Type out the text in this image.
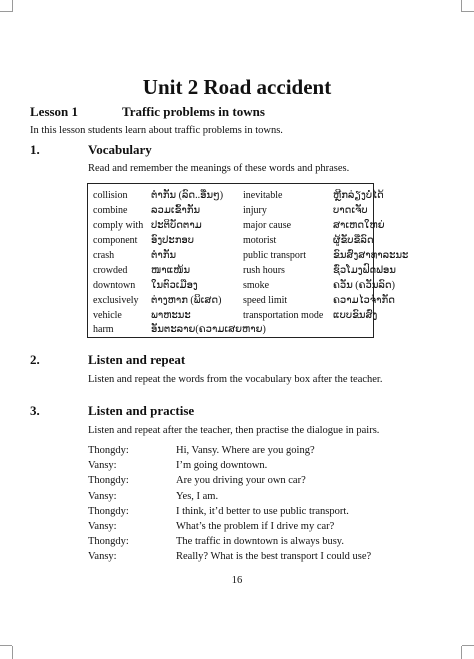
Unit 2 Road accident
Lesson 1	Traffic problems in towns
In this lesson students learn about traffic problems in towns.
1.	Vocabulary
Read and remember the meanings of these words and phrases.
collision ຕຳກັນ (ລົດ..ອື່ນໆ) inevitable	ຫຼີກລ່ຽງບໍ່ໄດ້
combine ລວມເຂົ້າກັນ	injury	ບາດເຈັບ
comply with ປະຕິບັດຕາມ	major cause	ສາເຫດໃຫຍ່
component ອົງປະກອບ	motorist	ຜູ້ຂັບຂີ່ລົດ
crash	ຕຳກັນ	public transport	ຂົນສົ່ງສາທາລະນະ
crowded ໜາແໜ້ນ	rush hours	ຊົ່ວໂມງຟົດຟອນ
downtown ໃນຕົວເມືອງ	smoke	ຄວັນ (ຄວັນລົດ)
exclusively ຕ່າງຫາກ (ພິເສດ) speed limit	ຄວາມໄວຈຳກັດ
vehicle	ພາຫະນະ	transportation mode ແບບຂົນສົ່ງ
harm	ອັນຕະລາຍ(ຄວາມເສຍຫາຍ)
2.	Listen and repeat
Listen and repeat the words from the vocabulary box after the teacher.
3.	Listen and practise
Listen and repeat after the teacher, then practise the dialogue in pairs.
Thongdy:	Hi, Vansy. Where are you going?
Vansy:	I’m going downtown.
Thongdy:	Are you driving your own car?
Vansy:	Yes, I am.
Thongdy:	I think, it’d better to use public transport.
Vansy:	What’s the problem if I drive my car?
Thongdy:	The traffic in downtown is always busy.
Vansy:	Really? What is the best transport I could use?
16
